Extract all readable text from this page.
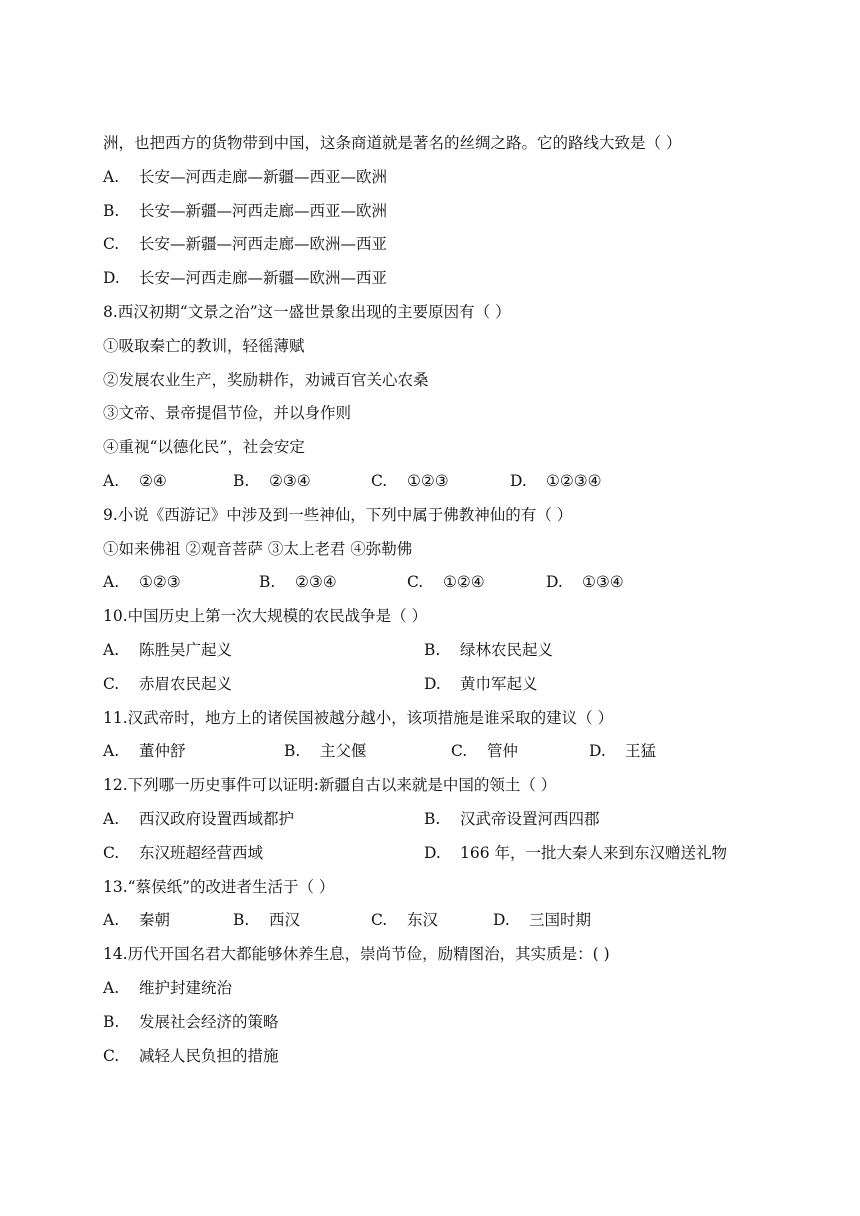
洲，也把西方的货物带到中国，这条商道就是著名的丝绸之路。它的路线大致是（ ）
A. 长安—河西走廊—新疆—西亚—欧洲
B. 长安—新疆—河西走廊—西亚—欧洲
C. 长安—新疆—河西走廊—欧洲—西亚
D. 长安—河西走廊—新疆—欧洲—西亚
8.西汉初期“文景之治”这一盛世景象出现的主要原因有（ ）
①吸取秦亡的教训，轻徭薄赋
②发展农业生产，奖励耕作，劝诫百官关心农桑
③文帝、景帝提倡节俭，并以身作则
④重视“以德化民”，社会安定
A. ②④	B. ②③④	C. ①②③	D. ①②③④
9.小说《西游记》中涉及到一些神仙，下列中属于佛教神仙的有（ ）
①如来佛祖 ②观音菩萨 ③太上老君 ④弥勒佛
A. ①②③	B. ②③④	C. ①②④	D. ①③④
10.中国历史上第一次大规模的农民战争是（ ）
A. 陈胜吴广起义	B. 绿林农民起义
C. 赤眉农民起义	D. 黄巾军起义
11.汉武帝时，地方上的诸侯国被越分越小，该项措施是谁采取的建议（ ）
A. 董仲舒	B. 主父偃	C. 管仲	D. 王猛
12.下列哪一历史事件可以证明:新疆自古以来就是中国的领土（ ）
A. 西汉政府设置西域都护	B. 汉武帝设置河西四郡
C. 东汉班超经营西域	D. 166 年，一批大秦人来到东汉赠送礼物
13.“蔡侯纸”的改进者生活于（ ）
A. 秦朝	B. 西汉	C. 东汉	D. 三国时期
14.历代开国名君大都能够休养生息，崇尚节俭，励精图治，其实质是：( )
A. 维护封建统治
B. 发展社会经济的策略
C. 减轻人民负担的措施
